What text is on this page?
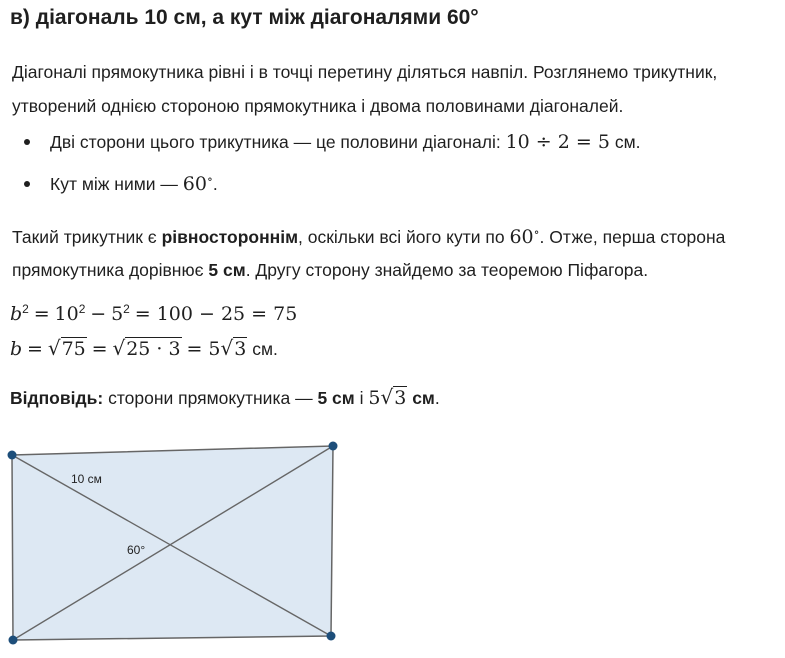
в) діагональ 10 см, а кут між діагоналями 60°

Діагоналі прямокутника рівні і в точці перетину діляться навпіл. Розглянемо трикутник,

утворений однією стороною прямокутника і двома половинами діагоналей.

Дві сторони цього трикутника — це половини діагоналі: 10 ÷ 2 = 5 см.
Кут між ними — 60∘.

Такий трикутник є рівностороннім, оскільки всі його кути по 60∘. Отже, перша сторона

прямокутника дорівнює 5 см. Другу сторону знайдемо за теоремою Піфагора.

$b^2 = 10^2 - 5^2 = 100 - 25 = 75$
b = √75 = √25 · 3 = 5√3 см.
Відповідь: сторони прямокутника — 5 см і 5√3 см.
10 см
60°
